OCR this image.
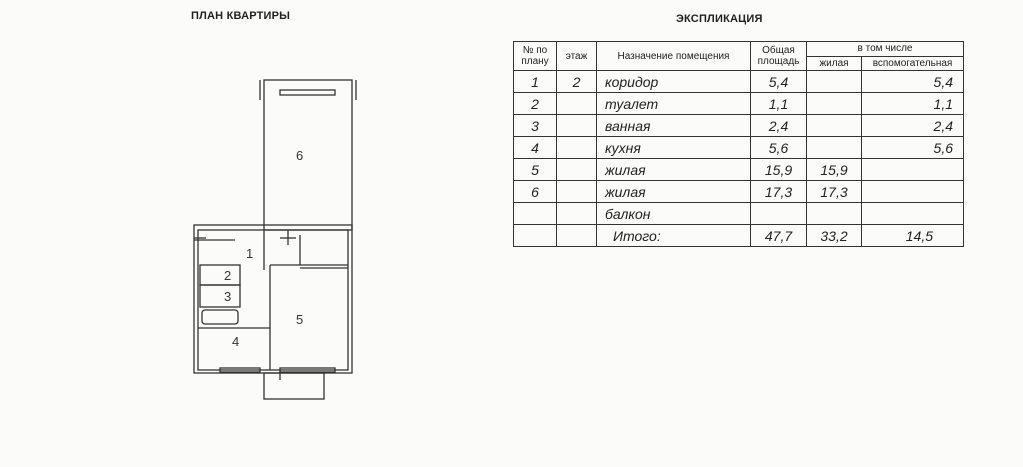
ПЛАН КВАРТИРЫ	ЭКСПЛИКАЦИЯ
1
2
3
4
5
6
№ по плану	этаж	Назначение помещения	Общая площадь	в том числе	
				жилая	вспомогательная
1	2	коридор	5,4		5,4
2		туалет	1,1		1,1
3		ванная	2,4		2,4
4		кухня	5,6		5,6
5		жилая	15,9	15,9	
6		жилая	17,3	17,3	
		балкон			
		Итого:	47,7	33,2	14,5
